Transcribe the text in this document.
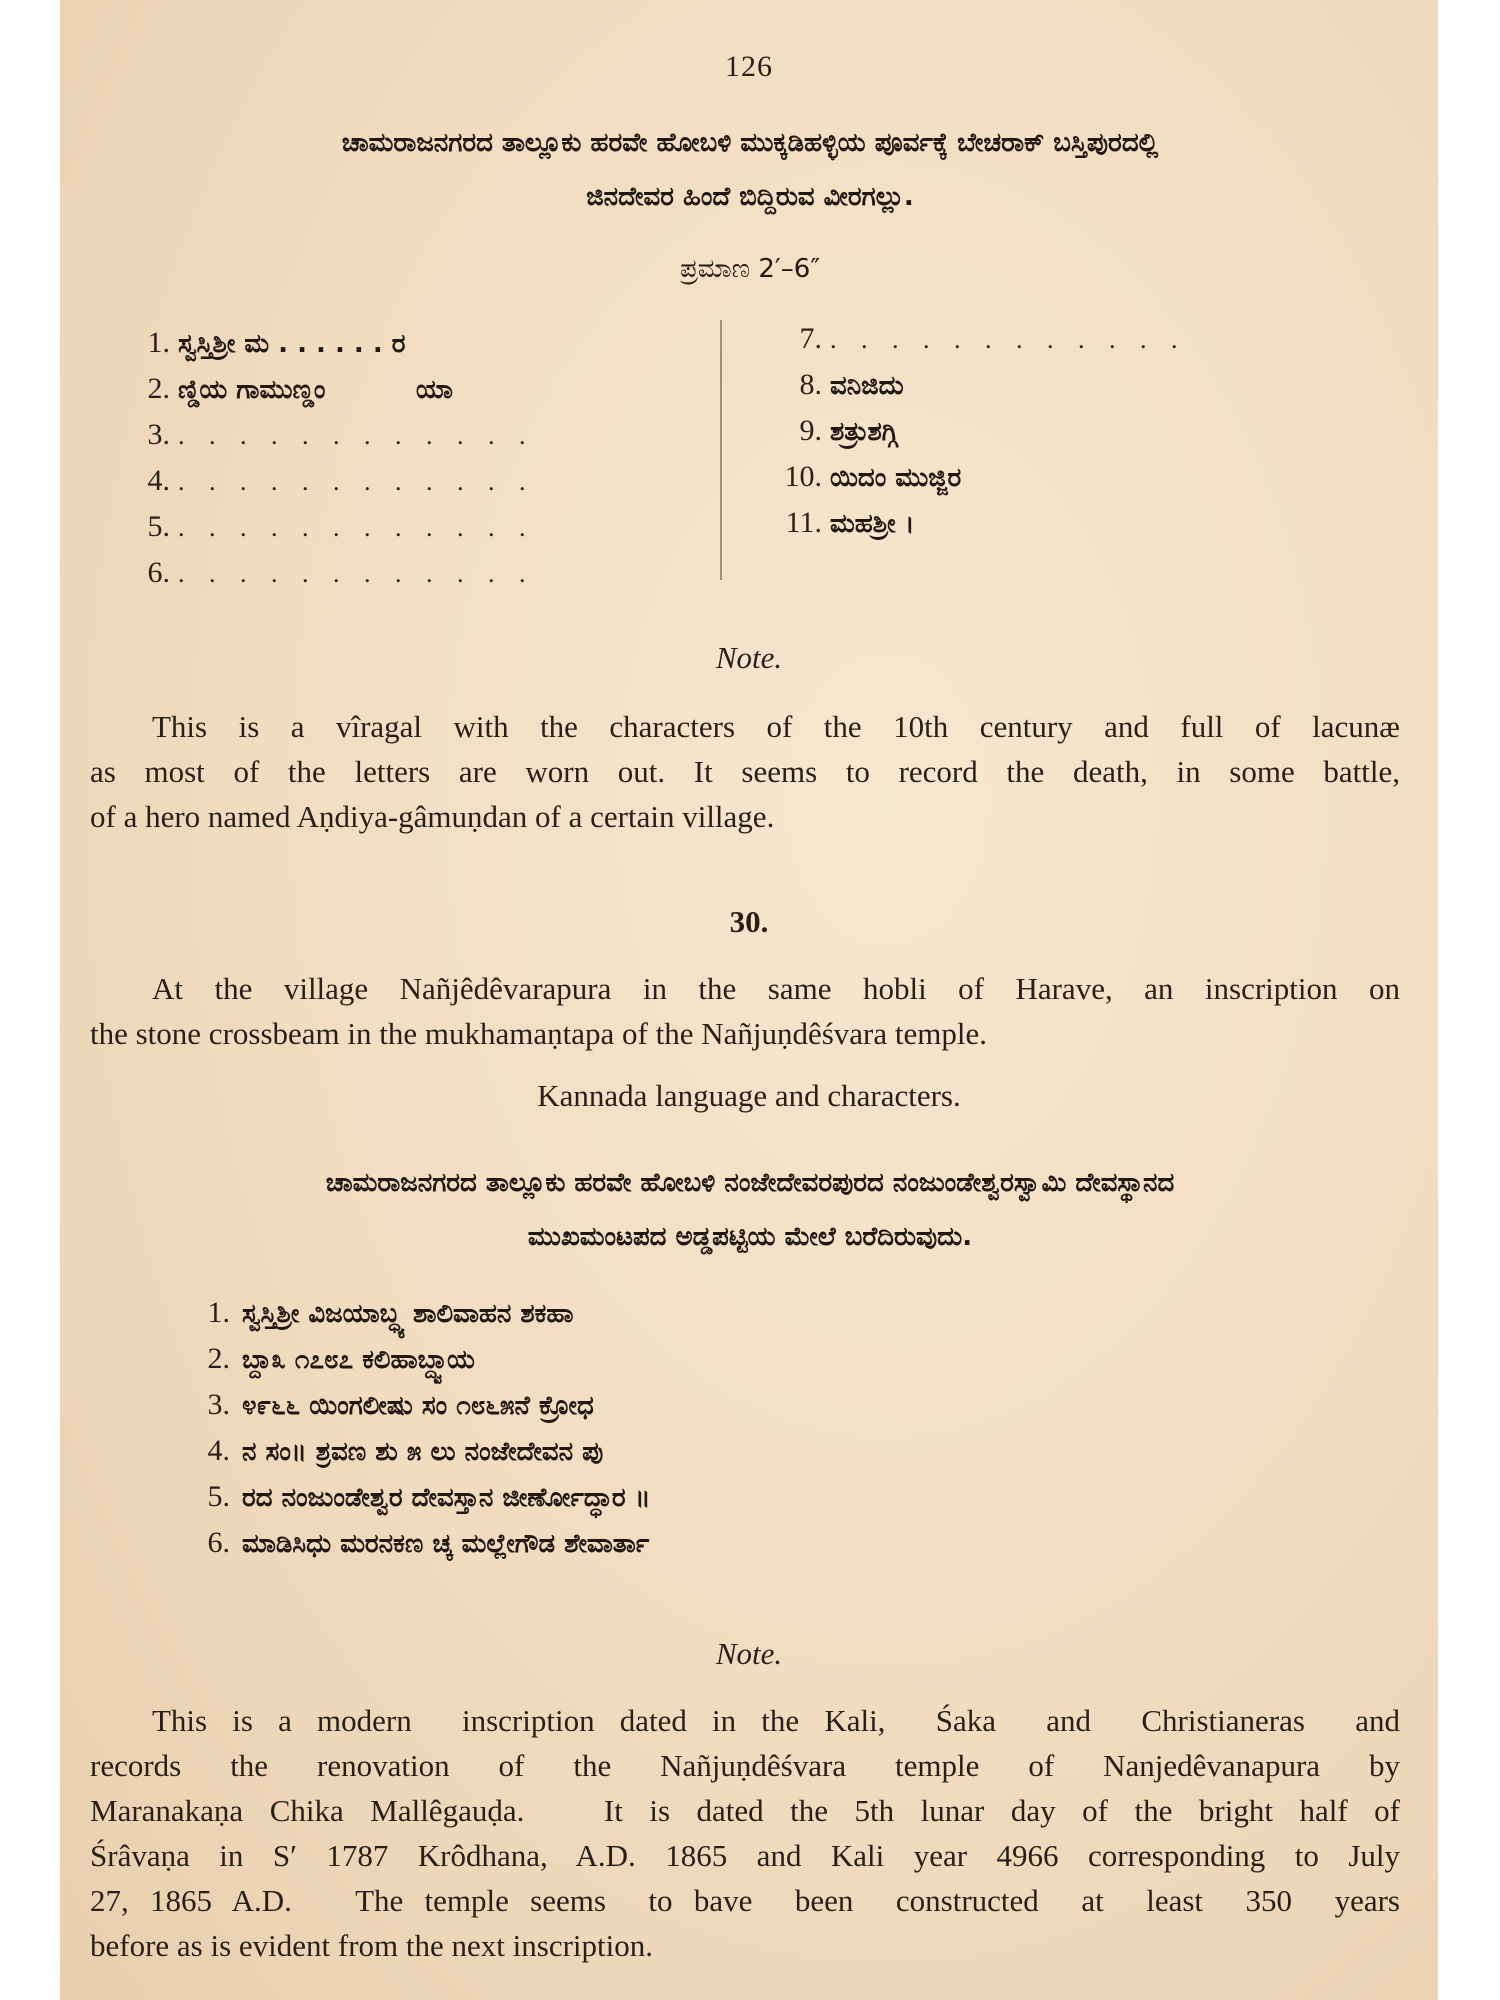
126
ಚಾಮರಾಜನಗರದ ತಾಲ್ಲೂಕು ಹರವೇ ಹೋಬಳಿ ಮುಕ್ಕಡಿಹಳ್ಳಿಯ ಪೂರ್ವಕ್ಕೆ ಬೇಚರಾಕ್ ಬಸ್ತಿಪುರದಲ್ಲಿ
ಜಿನದೇವರ ಹಿಂದೆ ಬಿದ್ದಿರುವ ವೀರಗಲ್ಲು.
ಪ್ರಮಾಣ 2′–6″
1. ಸ್ವಸ್ತಿಶ್ರೀ ಮ . . . . . . ರ
2. ಣ್ಡಿಯ ಗಾಮುಣ್ಡಂ          ಯಾ
3. . . . . . . . . . . . .
4. . . . . . . . . . . . .
5. . . . . . . . . . . . .
6. . . . . . . . . . . . .
7. . . . . . . . . . . . .
8. ವನಿಜಿದು
9. ಶತ್ರುಶಗ್ಗಿ
10. ಯಿದಂ ಮುಜ್ಜಿರ
11. ಮಹಶ್ರೀ ।
Note.
This is a vîragal with the characters of the 10th century and full of lacunæ
as most of the letters are worn out. It seems to record the death, in some battle,
of a hero named Aṇdiya-gâmuṇdan of a certain village.
30.
At the village Nañjêdêvarapura in the same hobli of Harave, an inscription on
the stone crossbeam in the mukhamaṇtapa of the Nañjuṇdêśvara temple.
Kannada language and characters.
ಚಾಮರಾಜನಗರದ ತಾಲ್ಲೂಕು ಹರವೇ ಹೋಬಳಿ ನಂಜೇದೇವರಪುರದ ನಂಜುಂಡೇಶ್ವರಸ್ವಾಮಿ ದೇವಸ್ಥಾನದ
ಮುಖಮಂಟಪದ ಅಡ್ಡಪಟ್ಟಿಯ ಮೇಲೆ ಬರೆದಿರುವುದು.
1. ಸ್ವಸ್ತಿಶ್ರೀ ವಿಜಯಾಬ್ಧ್ಯ ಶಾಲಿವಾಹನ ಶಕಹಾ
2. ಬ್ದಾ೩ ೧೭೮೭ ಕಲಿಹಾಬ್ದ್ವಾಯ
3. ೪೯೬೬ ಯಿಂಗಲೀಷು ಸಂ ೧೮೬೫ನೆ ಕ್ರೋಧ
4. ನ ಸಂ॥ ಶ್ರವಣ ಶು ೫ ಲು ನಂಜೇದೇವನ ಪು
5. ರದ ನಂಜುಂಡೇಶ್ವರ ದೇವಸ್ತಾನ ಜೀರ್ಣೋದ್ಧಾರ ॥
6. ಮಾಡಿಸಿಧು ಮರನಕಣ ಚ್ಕ ಮಲ್ಲೇಗೌಡ ಶೇವಾರ್ತಾ
Note.
This is a modern  inscription dated in the Kali,  Śaka  and  Christianeras  and
records  the  renovation  of  the  Nañjuṇdêśvara  temple  of  Nanjedêvanapura  by
Maranakaṇa Chika Mallêgauḍa.   It is dated the 5th lunar day of the bright half of
Śrâvaṇa in S′ 1787 Krôdhana, A.D. 1865 and Kali year 4966 corresponding to July
27, 1865 A.D.   The temple seems  to bave  been  constructed  at  least  350  years
before as is evident from the next inscription.
